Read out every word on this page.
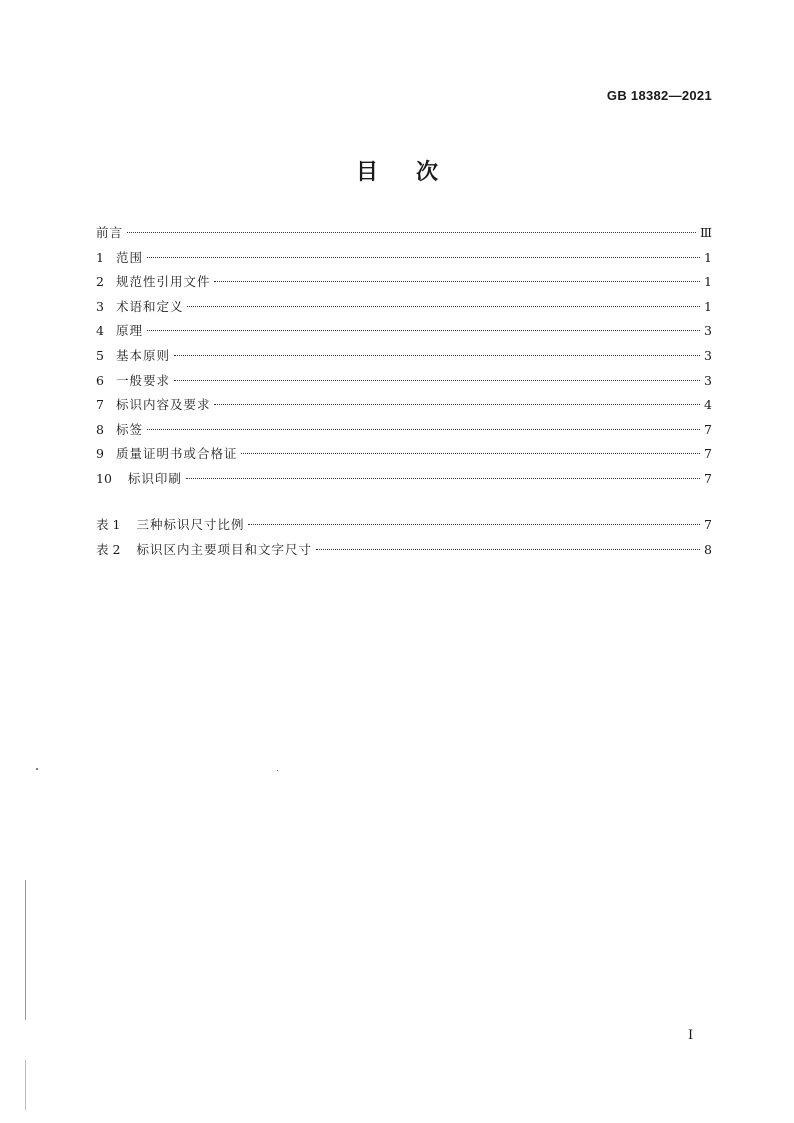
GB 18382—2021
目次
前言	Ⅲ
1 范围	1
2 规范性引用文件	1
3 术语和定义	1
4 原理	3
5 基本原则	3
6 一般要求	3
7 标识内容及要求	4
8 标签	7
9 质量证明书或合格证	7
10 标识印刷	7
表 1 三种标识尺寸比例	7
表 2 标识区内主要项目和文字尺寸	8
I
